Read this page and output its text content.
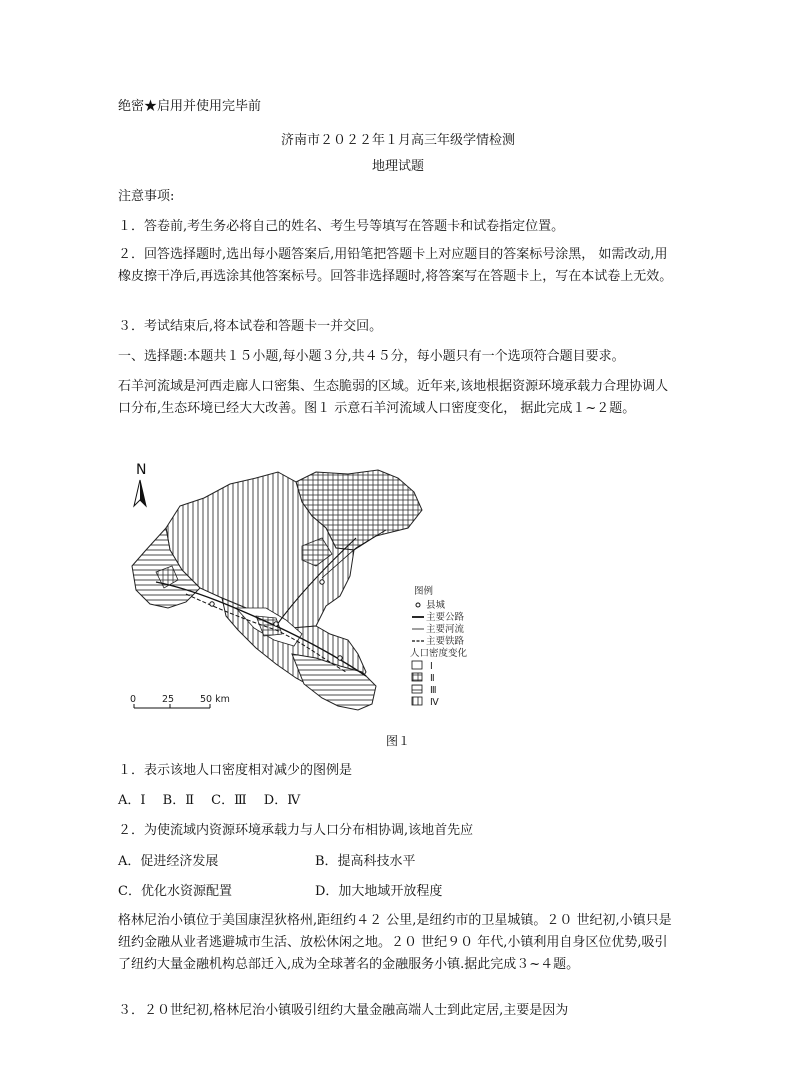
绝密★启用并使用完毕前
济南市２０２２年１月高三年级学情检测
地理试题
注意事项:
１．答卷前,考生务必将自己的姓名、考生号等填写在答题卡和试卷指定位置。
２．回答选择题时,选出每小题答案后,用铅笔把答题卡上对应题目的答案标号涂黑， 如需改动,用橡皮擦干净后,再选涂其他答案标号。回答非选择题时,将答案写在答题卡上，写在本试卷上无效。
３．考试结束后,将本试卷和答题卡一并交回。
一、选择题:本题共１５小题,每小题３分,共４５分，每小题只有一个选项符合题目要求。
石羊河流域是河西走廊人口密集、生态脆弱的区域。近年来,该地根据资源环境承载力合理协调人口分布,生态环境已经大大改善。图１ 示意石羊河流域人口密度变化， 据此完成１~２题。
N
0	25	50 km
图例
县城
主要公路
主要河流
主要铁路
人口密度变化
Ⅰ
Ⅱ
Ⅲ
Ⅳ
图１
１．表示该地人口密度相对减少的图例是
A．Ⅰ　 B．Ⅱ　 C．Ⅲ　 D．Ⅳ
２．为使流域内资源环境承载力与人口分布相协调,该地首先应
A．促进经济发展	B．提高科技水平
C．优化水资源配置	D．加大地域开放程度
格林尼治小镇位于美国康涅狄格州,距纽约４２ 公里,是纽约市的卫星城镇。２０ 世纪初,小镇只是纽约金融从业者逃避城市生活、放松休闲之地。２０ 世纪９０ 年代,小镇利用自身区位优势,吸引了纽约大量金融机构总部迁入,成为全球著名的金融服务小镇.据此完成３~４题。
３．２０世纪初,格林尼治小镇吸引纽约大量金融高端人士到此定居,主要是因为
